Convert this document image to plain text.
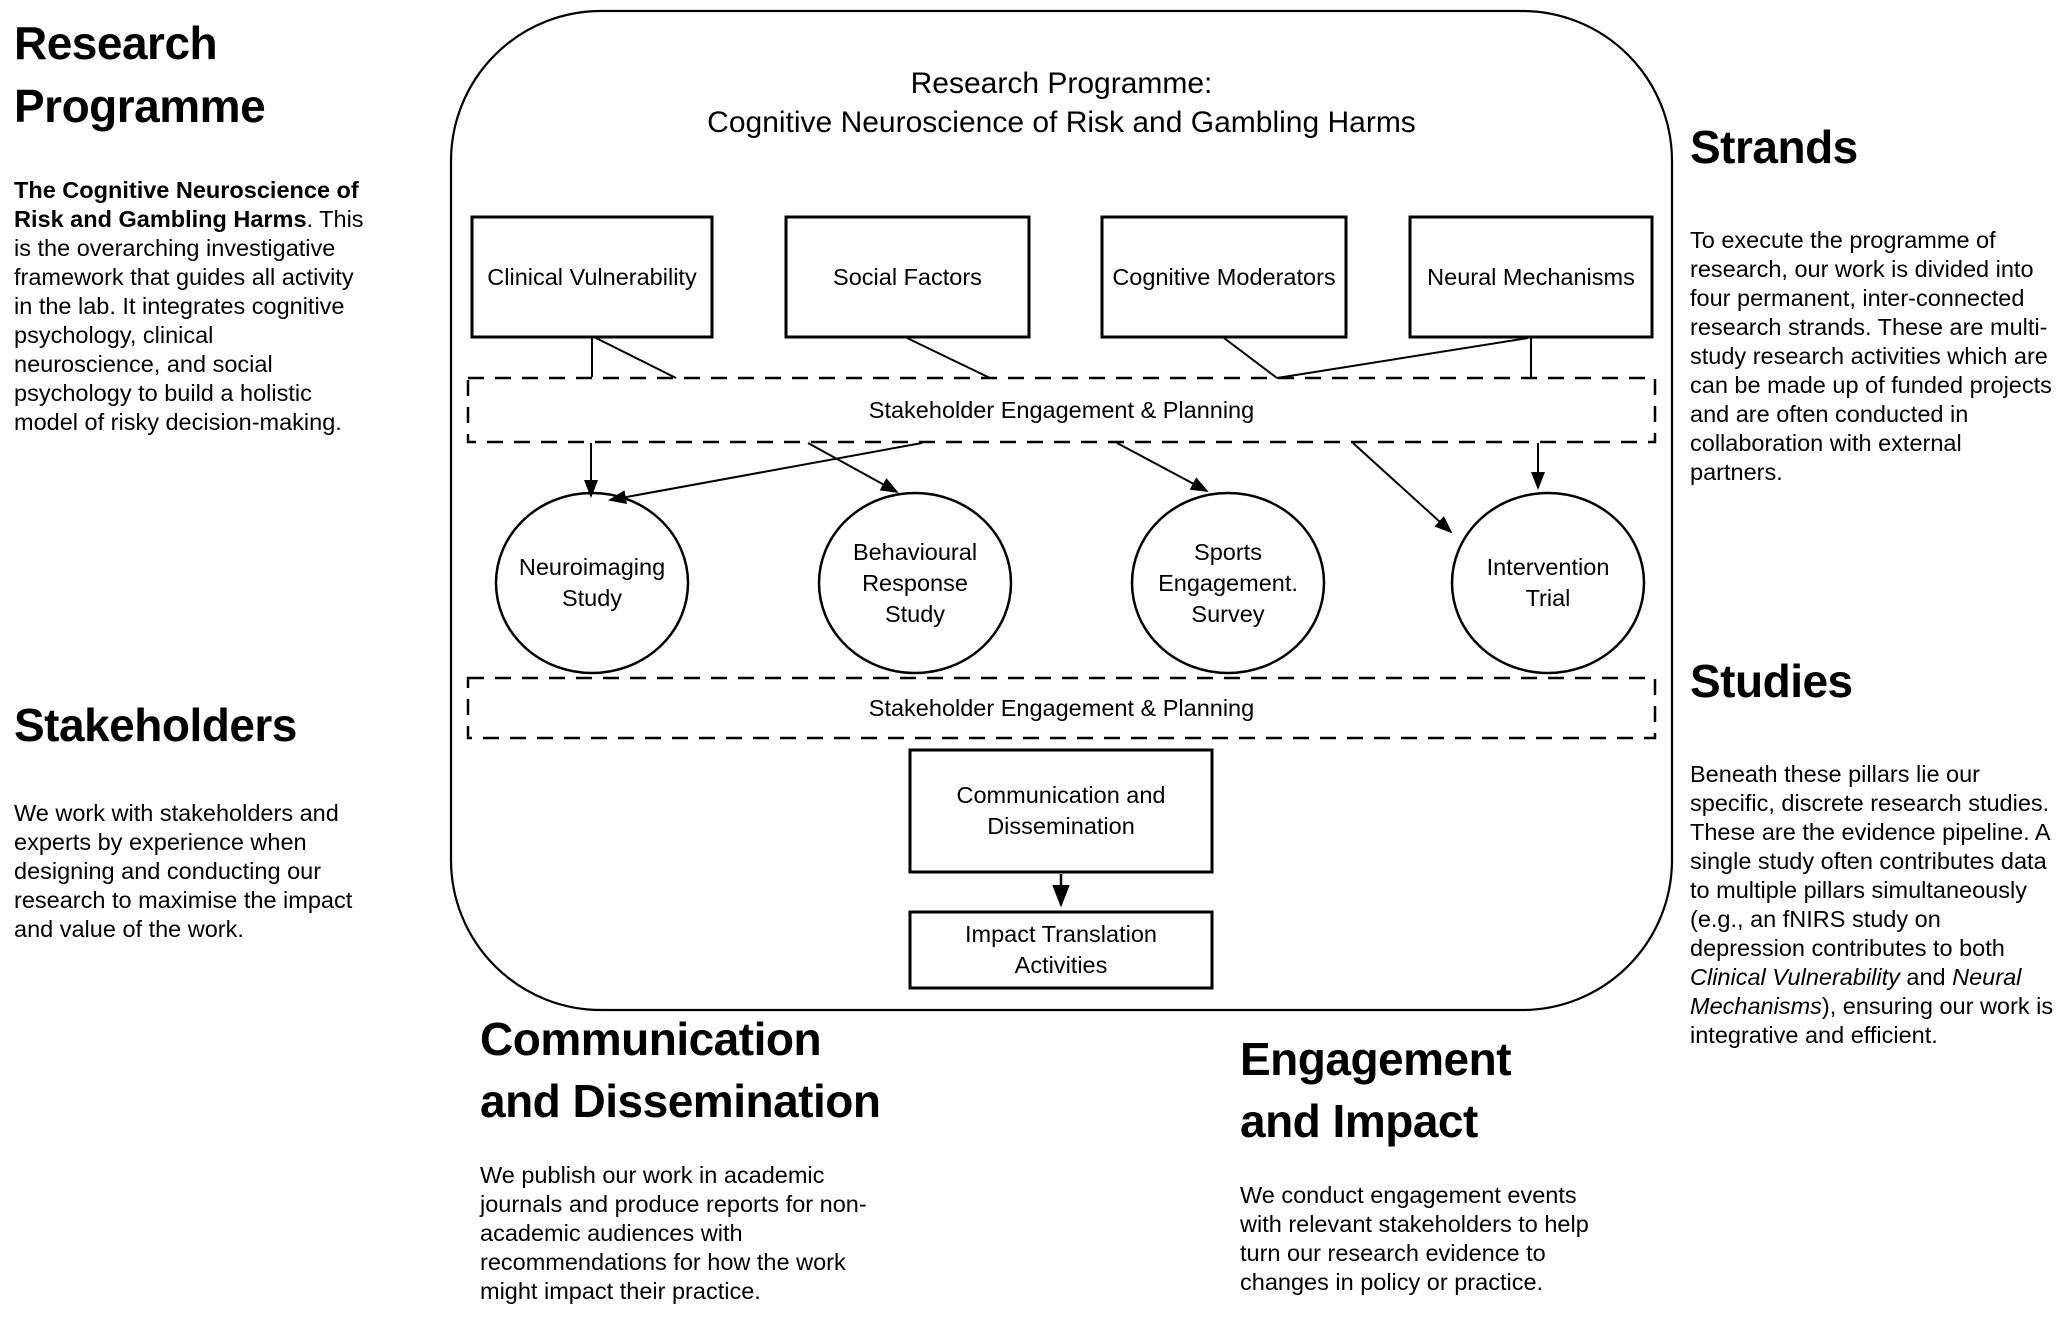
Research
Programme
The Cognitive Neuroscience of Risk and Gambling Harms. This is the overarching investigative framework that guides all activity in the lab. It integrates cognitive psychology, clinical neuroscience, and social psychology to build a holistic model of risky decision-making.
Stakeholders
We work with stakeholders and experts by experience when designing and conducting our research to maximise the impact and value of the work.
Strands
To execute the programme of research, our work is divided into four permanent, inter-connected research strands. These are multi-study research activities which are can be made up of funded projects and are often conducted in collaboration with external partners.
Studies
Beneath these pillars lie our specific, discrete research studies. These are the evidence pipeline. A single study often contributes data to multiple pillars simultaneously (e.g., an fNIRS study on depression contributes to both Clinical Vulnerability and Neural Mechanisms), ensuring our work is integrative and efficient.
Communication
and Dissemination
We publish our work in academic journals and produce reports for non-academic audiences with recommendations for how the work might impact their practice.
Engagement
and Impact
We conduct engagement events with relevant stakeholders to help turn our research evidence to changes in policy or practice.
Research Programme:
Cognitive Neuroscience of Risk and Gambling Harms
Clinical Vulnerability	Social Factors	Cognitive Moderators	Neural Mechanisms
Stakeholder Engagement & Planning
Stakeholder Engagement & Planning
Neuroimaging Study
Behavioural Response Study
Sports Engagement. Survey
Intervention Trial
Communication and Dissemination
Impact Translation Activities
